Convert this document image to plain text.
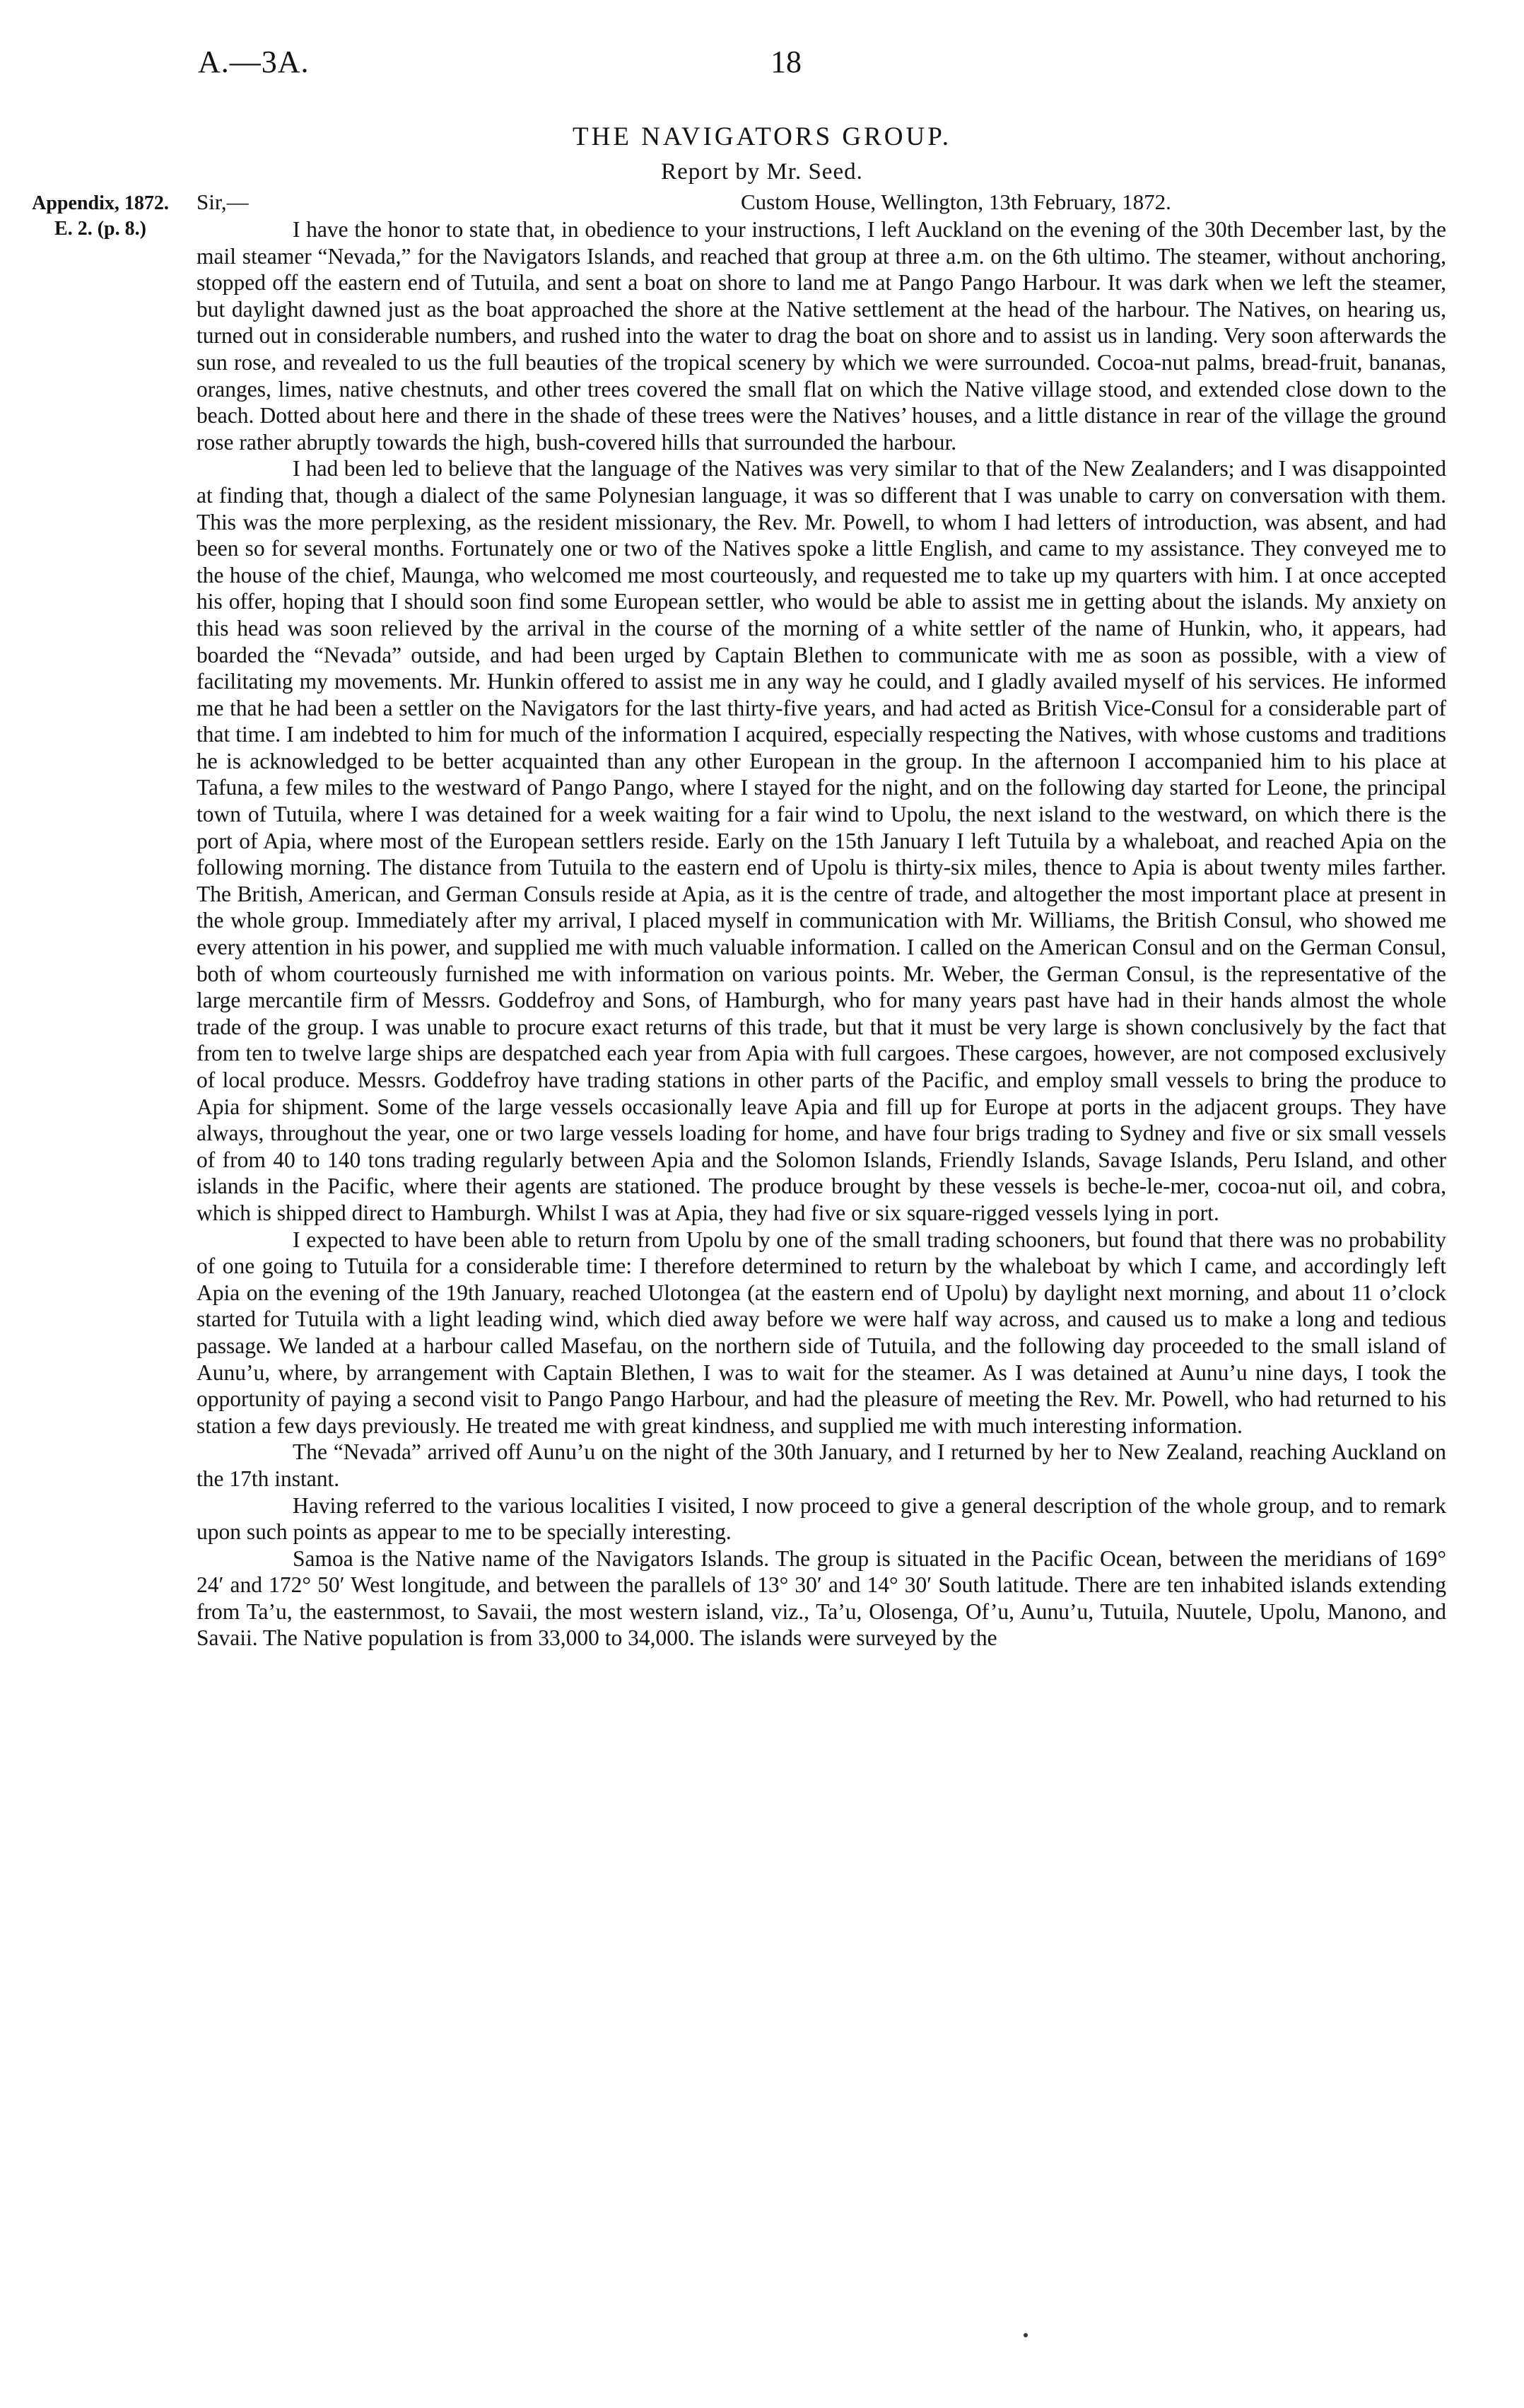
A.—3A.	18
THE NAVIGATORS GROUP.
Report by Mr. Seed.
Appendix, 1872.
E. 2. (p. 8.)
Sir,—	Custom House, Wellington, 13th February, 1872.

I have the honor to state that, in obedience to your instructions, I left Auckland on the evening of the 30th December last, by the mail steamer “Nevada,” for the Navigators Islands, and reached that group at three a.m. on the 6th ultimo. The steamer, without anchoring, stopped off the eastern end of Tutuila, and sent a boat on shore to land me at Pango Pango Harbour. It was dark when we left the steamer, but daylight dawned just as the boat approached the shore at the Native settlement at the head of the harbour. The Natives, on hearing us, turned out in considerable numbers, and rushed into the water to drag the boat on shore and to assist us in landing. Very soon afterwards the sun rose, and revealed to us the full beauties of the tropical scenery by which we were surrounded. Cocoa-nut palms, bread-fruit, bananas, oranges, limes, native chestnuts, and other trees covered the small flat on which the Native village stood, and extended close down to the beach. Dotted about here and there in the shade of these trees were the Natives’ houses, and a little distance in rear of the village the ground rose rather abruptly towards the high, bush-covered hills that surrounded the harbour.

I had been led to believe that the language of the Natives was very similar to that of the New Zealanders; and I was disappointed at finding that, though a dialect of the same Polynesian language, it was so different that I was unable to carry on conversation with them. This was the more perplexing, as the resident missionary, the Rev. Mr. Powell, to whom I had letters of introduction, was absent, and had been so for several months. Fortunately one or two of the Natives spoke a little English, and came to my assistance. They conveyed me to the house of the chief, Maunga, who welcomed me most courteously, and requested me to take up my quarters with him. I at once accepted his offer, hoping that I should soon find some European settler, who would be able to assist me in getting about the islands. My anxiety on this head was soon relieved by the arrival in the course of the morning of a white settler of the name of Hunkin, who, it appears, had boarded the “Nevada” outside, and had been urged by Captain Blethen to communicate with me as soon as possible, with a view of facilitating my movements. Mr. Hunkin offered to assist me in any way he could, and I gladly availed myself of his services. He informed me that he had been a settler on the Navigators for the last thirty-five years, and had acted as British Vice-Consul for a considerable part of that time. I am indebted to him for much of the information I acquired, especially respecting the Natives, with whose customs and traditions he is acknowledged to be better acquainted than any other European in the group. In the afternoon I accompanied him to his place at Tafuna, a few miles to the westward of Pango Pango, where I stayed for the night, and on the following day started for Leone, the principal town of Tutuila, where I was detained for a week waiting for a fair wind to Upolu, the next island to the westward, on which there is the port of Apia, where most of the European settlers reside. Early on the 15th January I left Tutuila by a whaleboat, and reached Apia on the following morning. The distance from Tutuila to the eastern end of Upolu is thirty-six miles, thence to Apia is about twenty miles farther. The British, American, and German Consuls reside at Apia, as it is the centre of trade, and altogether the most important place at present in the whole group. Immediately after my arrival, I placed myself in communication with Mr. Williams, the British Consul, who showed me every attention in his power, and supplied me with much valuable information. I called on the American Consul and on the German Consul, both of whom courteously furnished me with information on various points. Mr. Weber, the German Consul, is the representative of the large mercantile firm of Messrs. Goddefroy and Sons, of Hamburgh, who for many years past have had in their hands almost the whole trade of the group. I was unable to procure exact returns of this trade, but that it must be very large is shown conclusively by the fact that from ten to twelve large ships are despatched each year from Apia with full cargoes. These cargoes, however, are not composed exclusively of local produce. Messrs. Goddefroy have trading stations in other parts of the Pacific, and employ small vessels to bring the produce to Apia for shipment. Some of the large vessels occasionally leave Apia and fill up for Europe at ports in the adjacent groups. They have always, throughout the year, one or two large vessels loading for home, and have four brigs trading to Sydney and five or six small vessels of from 40 to 140 tons trading regularly between Apia and the Solomon Islands, Friendly Islands, Savage Islands, Peru Island, and other islands in the Pacific, where their agents are stationed. The produce brought by these vessels is beche-le-mer, cocoa-nut oil, and cobra, which is shipped direct to Hamburgh. Whilst I was at Apia, they had five or six square-rigged vessels lying in port.

I expected to have been able to return from Upolu by one of the small trading schooners, but found that there was no probability of one going to Tutuila for a considerable time: I therefore determined to return by the whaleboat by which I came, and accordingly left Apia on the evening of the 19th January, reached Ulotongea (at the eastern end of Upolu) by daylight next morning, and about 11 o’clock started for Tutuila with a light leading wind, which died away before we were half way across, and caused us to make a long and tedious passage. We landed at a harbour called Masefau, on the northern side of Tutuila, and the following day proceeded to the small island of Aunu’u, where, by arrangement with Captain Blethen, I was to wait for the steamer. As I was detained at Aunu’u nine days, I took the opportunity of paying a second visit to Pango Pango Harbour, and had the pleasure of meeting the Rev. Mr. Powell, who had returned to his station a few days previously. He treated me with great kindness, and supplied me with much interesting information.

The “Nevada” arrived off Aunu’u on the night of the 30th January, and I returned by her to New Zealand, reaching Auckland on the 17th instant.

Having referred to the various localities I visited, I now proceed to give a general description of the whole group, and to remark upon such points as appear to me to be specially interesting.

Samoa is the Native name of the Navigators Islands. The group is situated in the Pacific Ocean, between the meridians of 169° 24′ and 172° 50′ West longitude, and between the parallels of 13° 30′ and 14° 30′ South latitude. There are ten inhabited islands extending from Ta’u, the easternmost, to Savaii, the most western island, viz., Ta’u, Olosenga, Of’u, Aunu’u, Tutuila, Nuutele, Upolu, Manono, and Savaii. The Native population is from 33,000 to 34,000. The islands were surveyed by the
